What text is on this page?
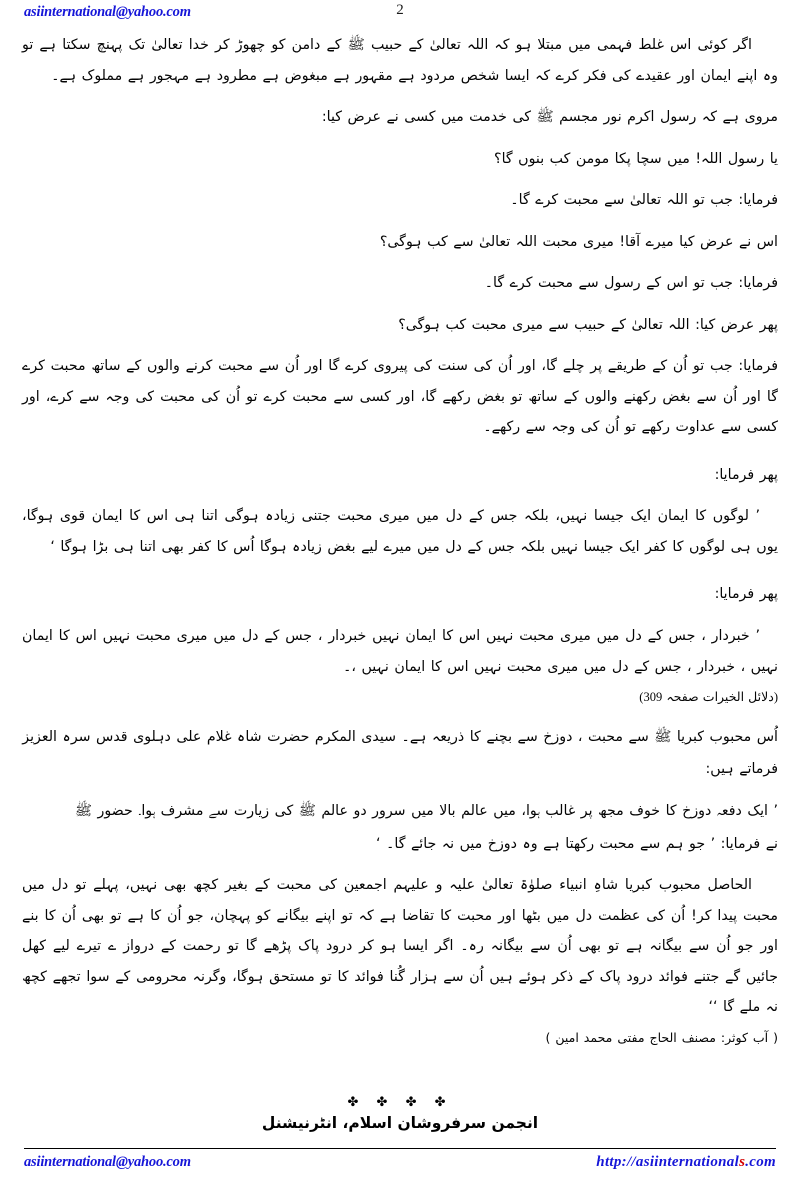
asiinternational@yahoo.com	2

اگر کوئی اس غلط فہمی میں مبتلا ہو کہ اللہ تعالیٰ کے حبیب ﷺ کے دامن کو چھوڑ کر خدا تعالیٰ تک پہنچ سکتا ہے تو وہ اپنے ایمان اور عقیدے کی فکر کرے کہ ایسا شخص مردود ہے مقہور ہے مبغوض ہے مطرود ہے مہجور ہے مملوک ہے۔

مروی ہے کہ رسول اکرم نور مجسم ﷺ کی خدمت میں کسی نے عرض کیا:

یا رسول اللہ! میں سچا پکا مومن کب بنوں گا؟

فرمایا: جب تو اللہ تعالیٰ سے محبت کرے گا۔

اس نے عرض کیا میرے آقا! میری محبت اللہ تعالیٰ سے کب ہوگی؟

فرمایا: جب تو اس کے رسول سے محبت کرے گا۔

پھر عرض کیا: اللہ تعالیٰ کے حبیب سے میری محبت کب ہوگی؟

فرمایا: جب تو اُن کے طریقے پر چلے گا، اور اُن کی سنت کی پیروی کرے گا اور اُن سے محبت کرنے والوں کے ساتھ محبت کرے گا اور اُن سے بغض رکھنے والوں کے ساتھ تو بغض رکھے گا، اور کسی سے محبت کرے تو اُن کی محبت کی وجہ سے کرے، اور کسی سے عداوت رکھے تو اُن کی وجہ سے رکھے۔

پھر فرمایا:

’ لوگوں کا ایمان ایک جیسا نہیں، بلکہ جس کے دل میں میری محبت جتنی زیادہ ہوگی اتنا ہی اس کا ایمان قوی ہوگا، یوں ہی لوگوں کا کفر ایک جیسا نہیں بلکہ جس کے دل میں میرے لیے بغض زیادہ ہوگا اُس کا کفر بھی اتنا ہی بڑا ہوگا ‘

پھر فرمایا:

’ خبردار ، جس کے دل میں میری محبت نہیں اس کا ایمان نہیں خبردار ، جس کے دل میں میری محبت نہیں اس کا ایمان نہیں ، خبردار ، جس کے دل میں میری محبت نہیں اس کا ایمان نہیں ،۔

(دلائل الخیرات صفحہ 309)

اُس محبوب کبریا ﷺ سے محبت ، دوزخ سے بچنے کا ذریعہ ہے۔ سیدی المکرم حضرت شاہ غلام علی دہلوی قدس سرہ العزیز

فرماتے ہیں:

’ ایک دفعہ دوزخ کا خوف مجھ پر غالب ہوا، میں عالم بالا میں سرور دو عالم ﷺ کی زیارت سے مشرف ہوا۔ حضور ﷺ

نے فرمایا: ’ جو ہم سے محبت رکھتا ہے وہ دوزخ میں نہ جائے گا۔ ‘

الحاصل محبوب کبریا شاہِ انبیاء صلوٰۃ تعالیٰ علیہ و علیہم اجمعین کی محبت کے بغیر کچھ بھی نہیں، پہلے تو دل میں محبت پیدا کر! اُن کی عظمت دل میں بٹھا اور محبت کا تقاضا ہے کہ تو اپنے بیگانے کو پہچان، جو اُن کا ہے تو بھی اُن کا بنے اور جو اُن سے بیگانہ ہے تو بھی اُن سے بیگانہ رہ۔ اگر ایسا ہو کر درود پاک پڑھے گا تو رحمت کے درواز ے تیرے لیے کھل جائیں گے جتنے فوائد درود پاک کے ذکر ہوئے ہیں اُن سے ہزار گُنا فوائد کا تو مستحق ہوگا، وگرنہ محرومی کے سوا تجھے کچھ نہ ملے گا ‘‘

( آب کوثر: مصنف الحاج مفتی محمد امین )

✤ ✤ ✤ ✤
انجمن سرفروشان اسلام، انٹرنیشنل
asiinternational@yahoo.com	http://asiinternationals.com
